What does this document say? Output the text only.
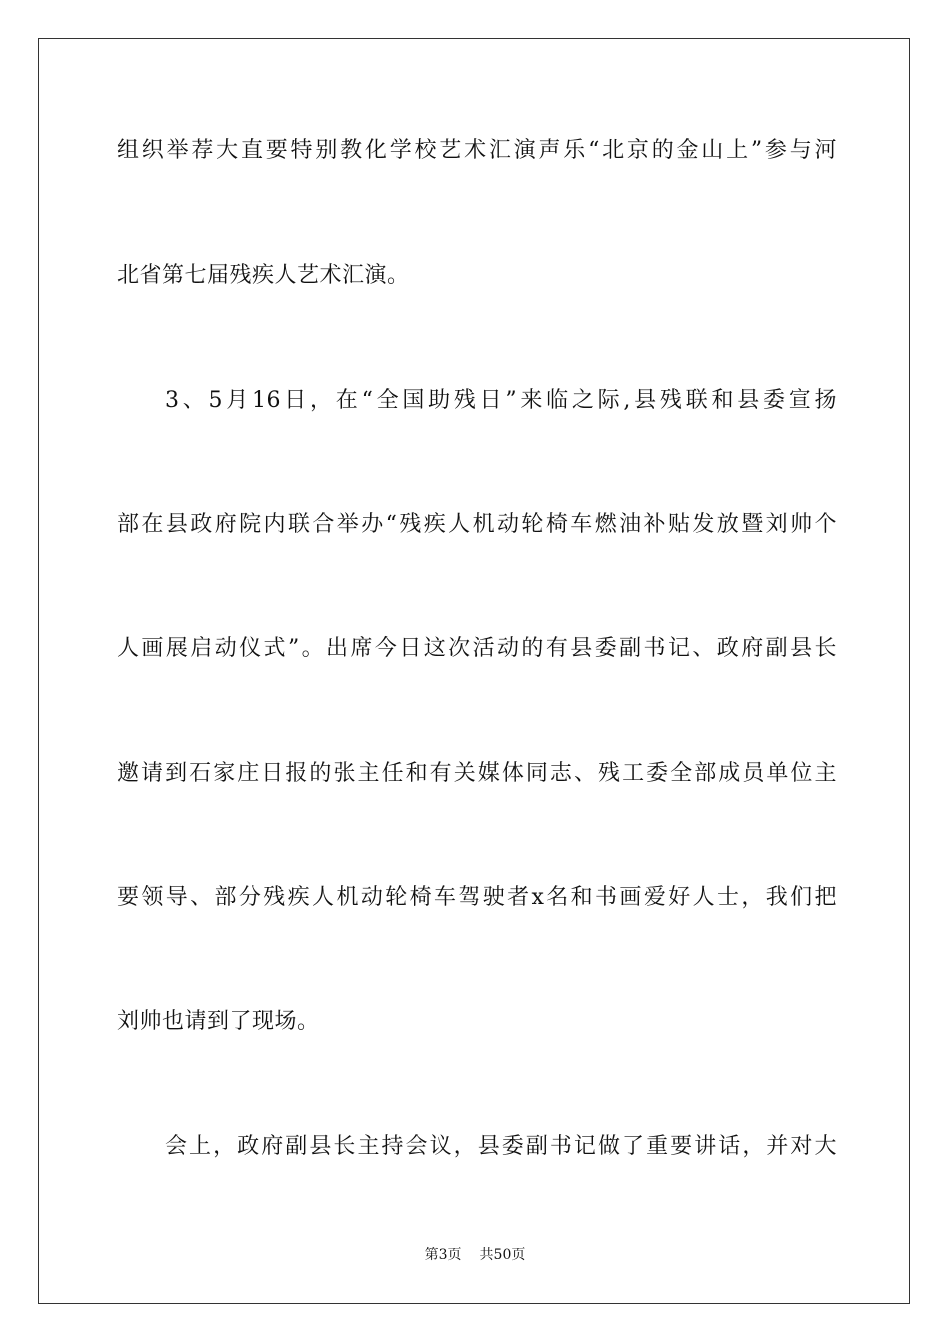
组织举荐大直要特别教化学校艺术汇演声乐“北京的金山上”参与河
北省第七届残疾人艺术汇演。
3、5月16日，在“全国助残日”来临之际,县残联和县委宣扬
部在县政府院内联合举办“残疾人机动轮椅车燃油补贴发放暨刘帅个
人画展启动仪式”。出席今日这次活动的有县委副书记、政府副县长
邀请到石家庄日报的张主任和有关媒体同志、残工委全部成员单位主
要领导、部分残疾人机动轮椅车驾驶者x名和书画爱好人士，我们把
刘帅也请到了现场。
会上，政府副县长主持会议，县委副书记做了重要讲话，并对大
第3页 共50页
